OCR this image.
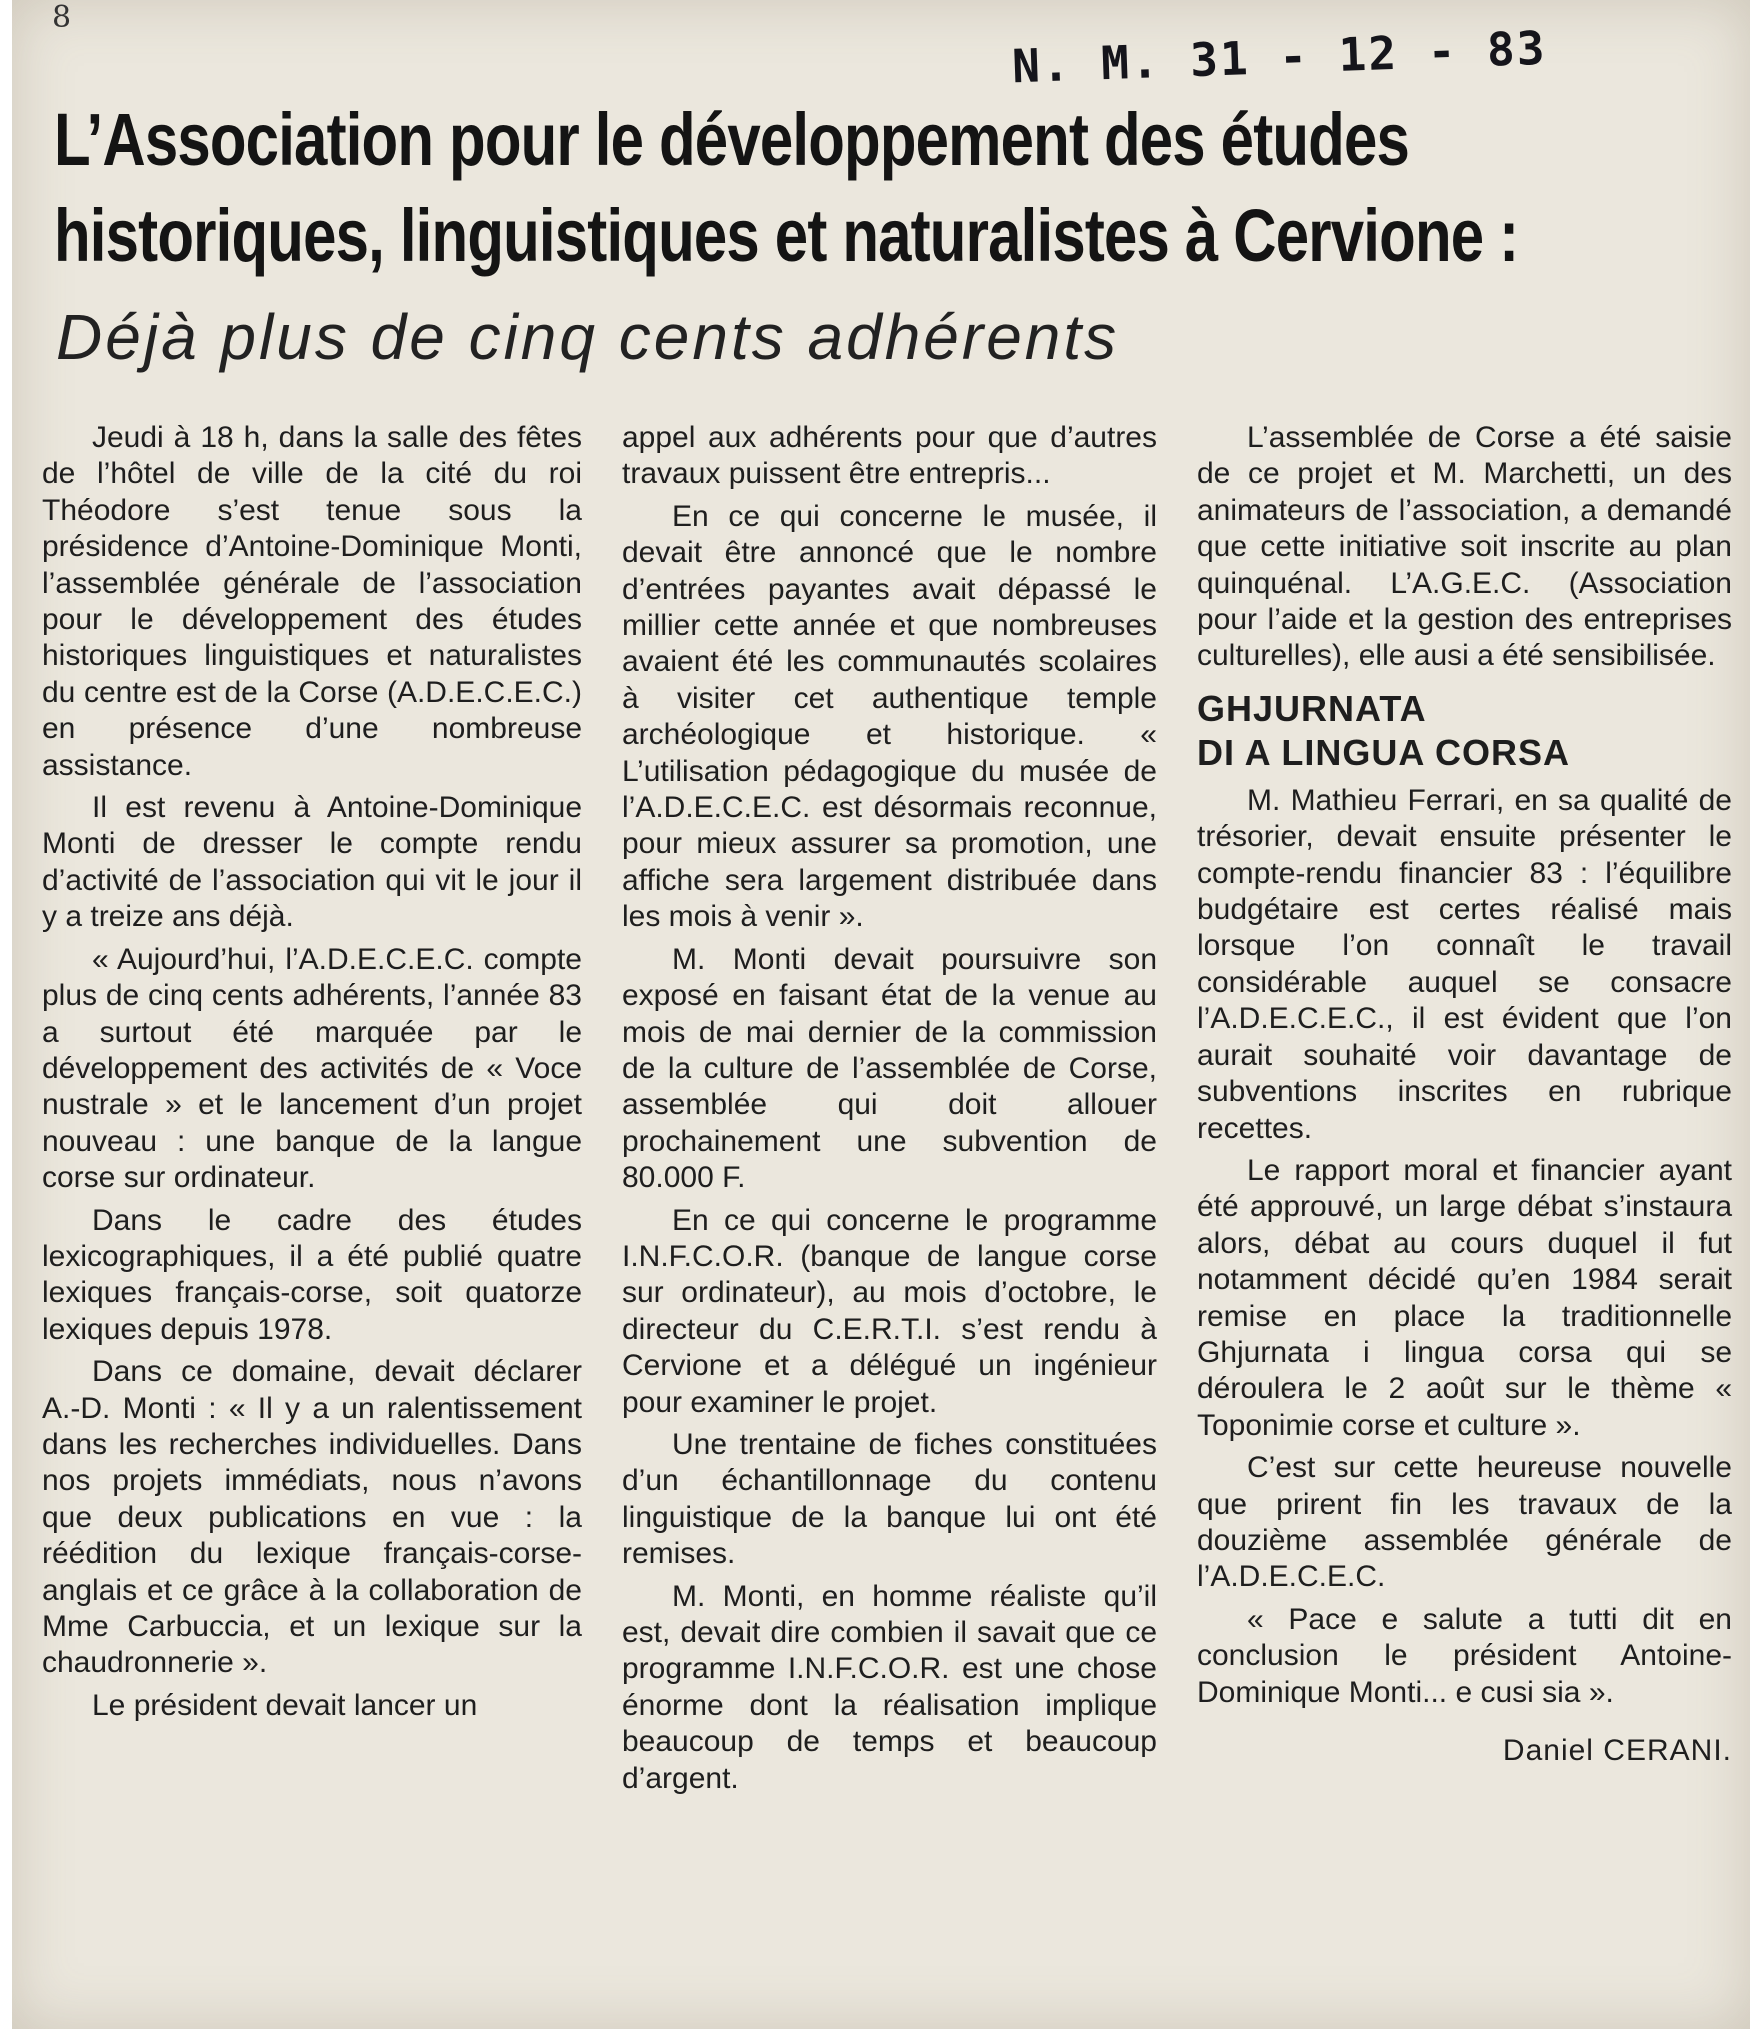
8
N. M. 31 - 12 - 83
L’Association pour le développement des études
historiques, linguistiques et naturalistes à Cervione :
Déjà plus de cinq cents adhérents

Jeudi à 18 h, dans la salle des fêtes de l’hôtel de ville de la cité du roi Théodore s’est tenue sous la présidence d’Antoine-Dominique Monti, l’assemblée générale de l’association pour le développement des études historiques linguistiques et naturalistes du centre est de la Corse (A.D.E.C.E.C.) en présence d’une nombreuse assistance.

Il est revenu à Antoine-Dominique Monti de dresser le compte rendu d’activité de l’association qui vit le jour il y a treize ans déjà.

« Aujourd’hui, l’A.D.E.C.E.C. compte plus de cinq cents adhérents, l’année 83 a surtout été marquée par le développement des activités de « Voce nustrale » et le lancement d’un projet nouveau : une banque de la langue corse sur ordinateur.

Dans le cadre des études lexicographiques, il a été publié quatre lexiques français-corse, soit quatorze lexiques depuis 1978.

Dans ce domaine, devait déclarer A.-D. Monti : « Il y a un ralentissement dans les recherches individuelles. Dans nos projets immédiats, nous n’avons que deux publications en vue : la réédition du lexique français-corse-anglais et ce grâce à la collaboration de Mme Carbuccia, et un lexique sur la chaudronnerie ».

Le président devait lancer un

appel aux adhérents pour que d’autres travaux puissent être entrepris...

En ce qui concerne le musée, il devait être annoncé que le nombre d’entrées payantes avait dépassé le millier cette année et que nombreuses avaient été les communautés scolaires à visiter cet authentique temple archéologique et historique. « L’utilisation pédagogique du musée de l’A.D.E.C.E.C. est désormais reconnue, pour mieux assurer sa promotion, une affiche sera largement distribuée dans les mois à venir ».

M. Monti devait poursuivre son exposé en faisant état de la venue au mois de mai dernier de la commission de la culture de l’assemblée de Corse, assemblée qui doit allouer prochainement une subvention de 80.000 F.

En ce qui concerne le programme I.N.F.C.O.R. (banque de langue corse sur ordinateur), au mois d’octobre, le directeur du C.E.R.T.I. s’est rendu à Cervione et a délégué un ingénieur pour examiner le projet.

Une trentaine de fiches constituées d’un échantillonnage du contenu linguistique de la banque lui ont été remises.

M. Monti, en homme réaliste qu’il est, devait dire combien il savait que ce programme I.N.F.C.O.R. est une chose énorme dont la réalisation implique beaucoup de temps et beaucoup d’argent.

L’assemblée de Corse a été saisie de ce projet et M. Marchetti, un des animateurs de l’association, a demandé que cette initiative soit inscrite au plan quinquénal. L’A.G.E.C. (Association pour l’aide et la gestion des entreprises culturelles), elle ausi a été sensibilisée.

GHJURNATA
DI A LINGUA CORSA

M. Mathieu Ferrari, en sa qualité de trésorier, devait ensuite présenter le compte-rendu financier 83 : l’équilibre budgétaire est certes réalisé mais lorsque l’on connaît le travail considérable auquel se consacre l’A.D.E.C.E.C., il est évident que l’on aurait souhaité voir davantage de subventions inscrites en rubrique recettes.

Le rapport moral et financier ayant été approuvé, un large débat s’instaura alors, débat au cours duquel il fut notamment décidé qu’en 1984 serait remise en place la traditionnelle Ghjurnata i lingua corsa qui se déroulera le 2 août sur le thème « Toponimie corse et culture ».

C’est sur cette heureuse nouvelle que prirent fin les travaux de la douzième assemblée générale de l’A.D.E.C.E.C.

« Pace e salute a tutti dit en conclusion le président Antoine-Dominique Monti... e cusi sia ».

Daniel CERANI.
